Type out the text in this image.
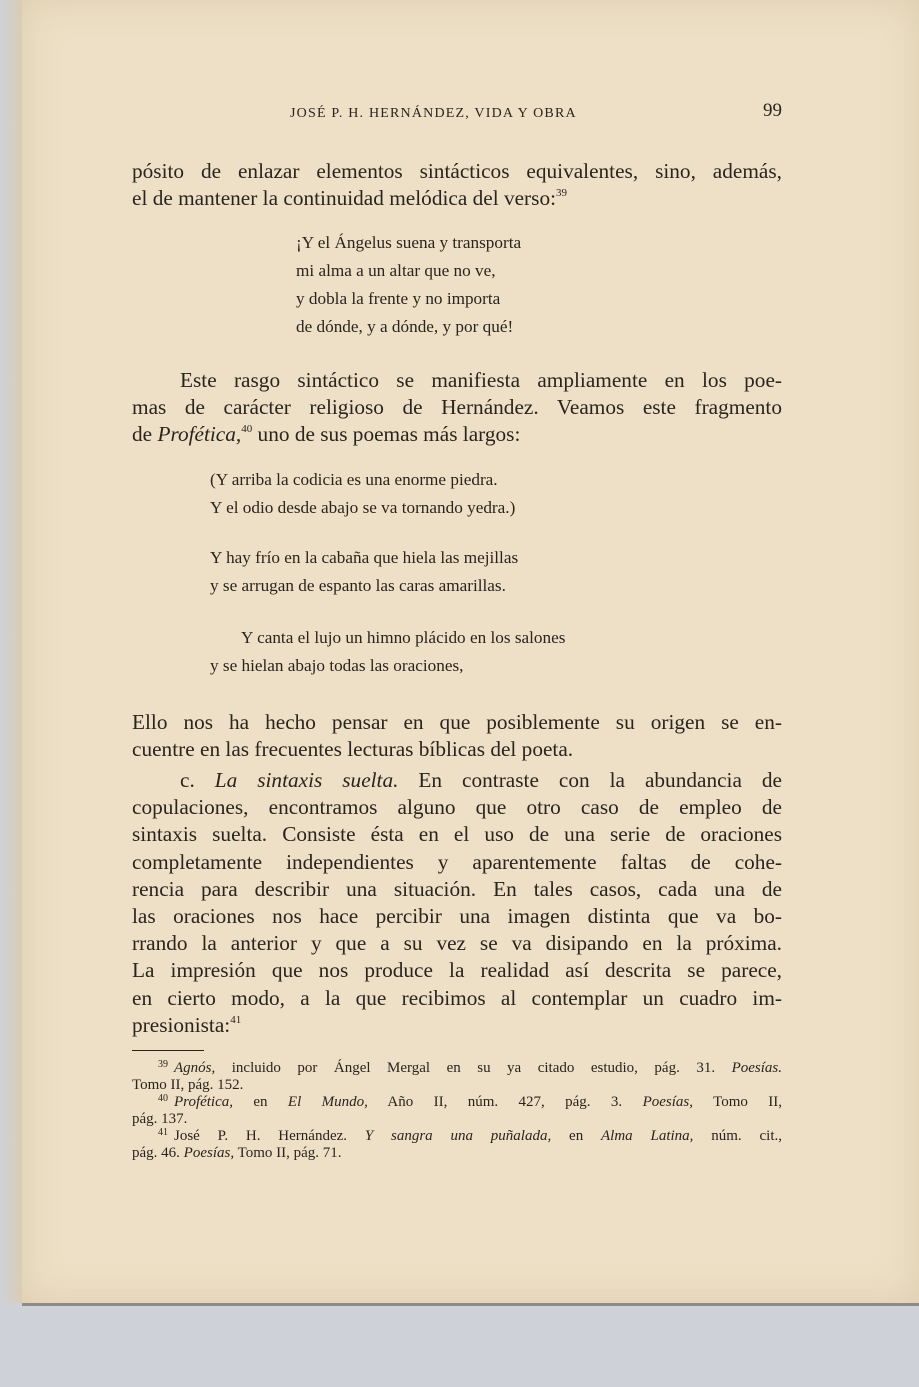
JOSÉ P. H. HERNÁNDEZ, VIDA Y OBRA	99
pósito de enlazar elementos sintácticos equivalentes, sino, además,
el de mantener la continuidad melódica del verso:$^{39}$
¡Y el Ángelus suena y transporta
mi alma a un altar que no ve,
y dobla la frente y no importa
de dónde, y a dónde, y por qué!
Este rasgo sintáctico se manifiesta ampliamente en los poe-
mas de carácter religioso de Hernández. Veamos este fragmento
de Profética,$^{40}$ uno de sus poemas más largos:
(Y arriba la codicia es una enorme piedra.
Y el odio desde abajo se va tornando yedra.)
Y hay frío en la cabaña que hiela las mejillas
y se arrugan de espanto las caras amarillas.
Y canta el lujo un himno plácido en los salones
y se hielan abajo todas las oraciones,
Ello nos ha hecho pensar en que posiblemente su origen se en-
cuentre en las frecuentes lecturas bíblicas del poeta.
c. La sintaxis suelta. En contraste con la abundancia de
copulaciones, encontramos alguno que otro caso de empleo de
sintaxis suelta. Consiste ésta en el uso de una serie de oraciones
completamente independientes y aparentemente faltas de cohe-
rencia para describir una situación. En tales casos, cada una de
las oraciones nos hace percibir una imagen distinta que va bo-
rrando la anterior y que a su vez se va disipando en la próxima.
La impresión que nos produce la realidad así descrita se parece,
en cierto modo, a la que recibimos al contemplar un cuadro im-
presionista:$^{41}$
$^{39}$ Agnós, incluido por Ángel Mergal en su ya citado estudio, pág. 31. Poesías.
Tomo II, pág. 152.
$^{40}$ Profética, en El Mundo, Año II, núm. 427, pág. 3. Poesías, Tomo II,
pág. 137.
$^{41}$ José P. H. Hernández. Y sangra una puñalada, en Alma Latina, núm. cit.,
pág. 46. Poesías, Tomo II, pág. 71.
